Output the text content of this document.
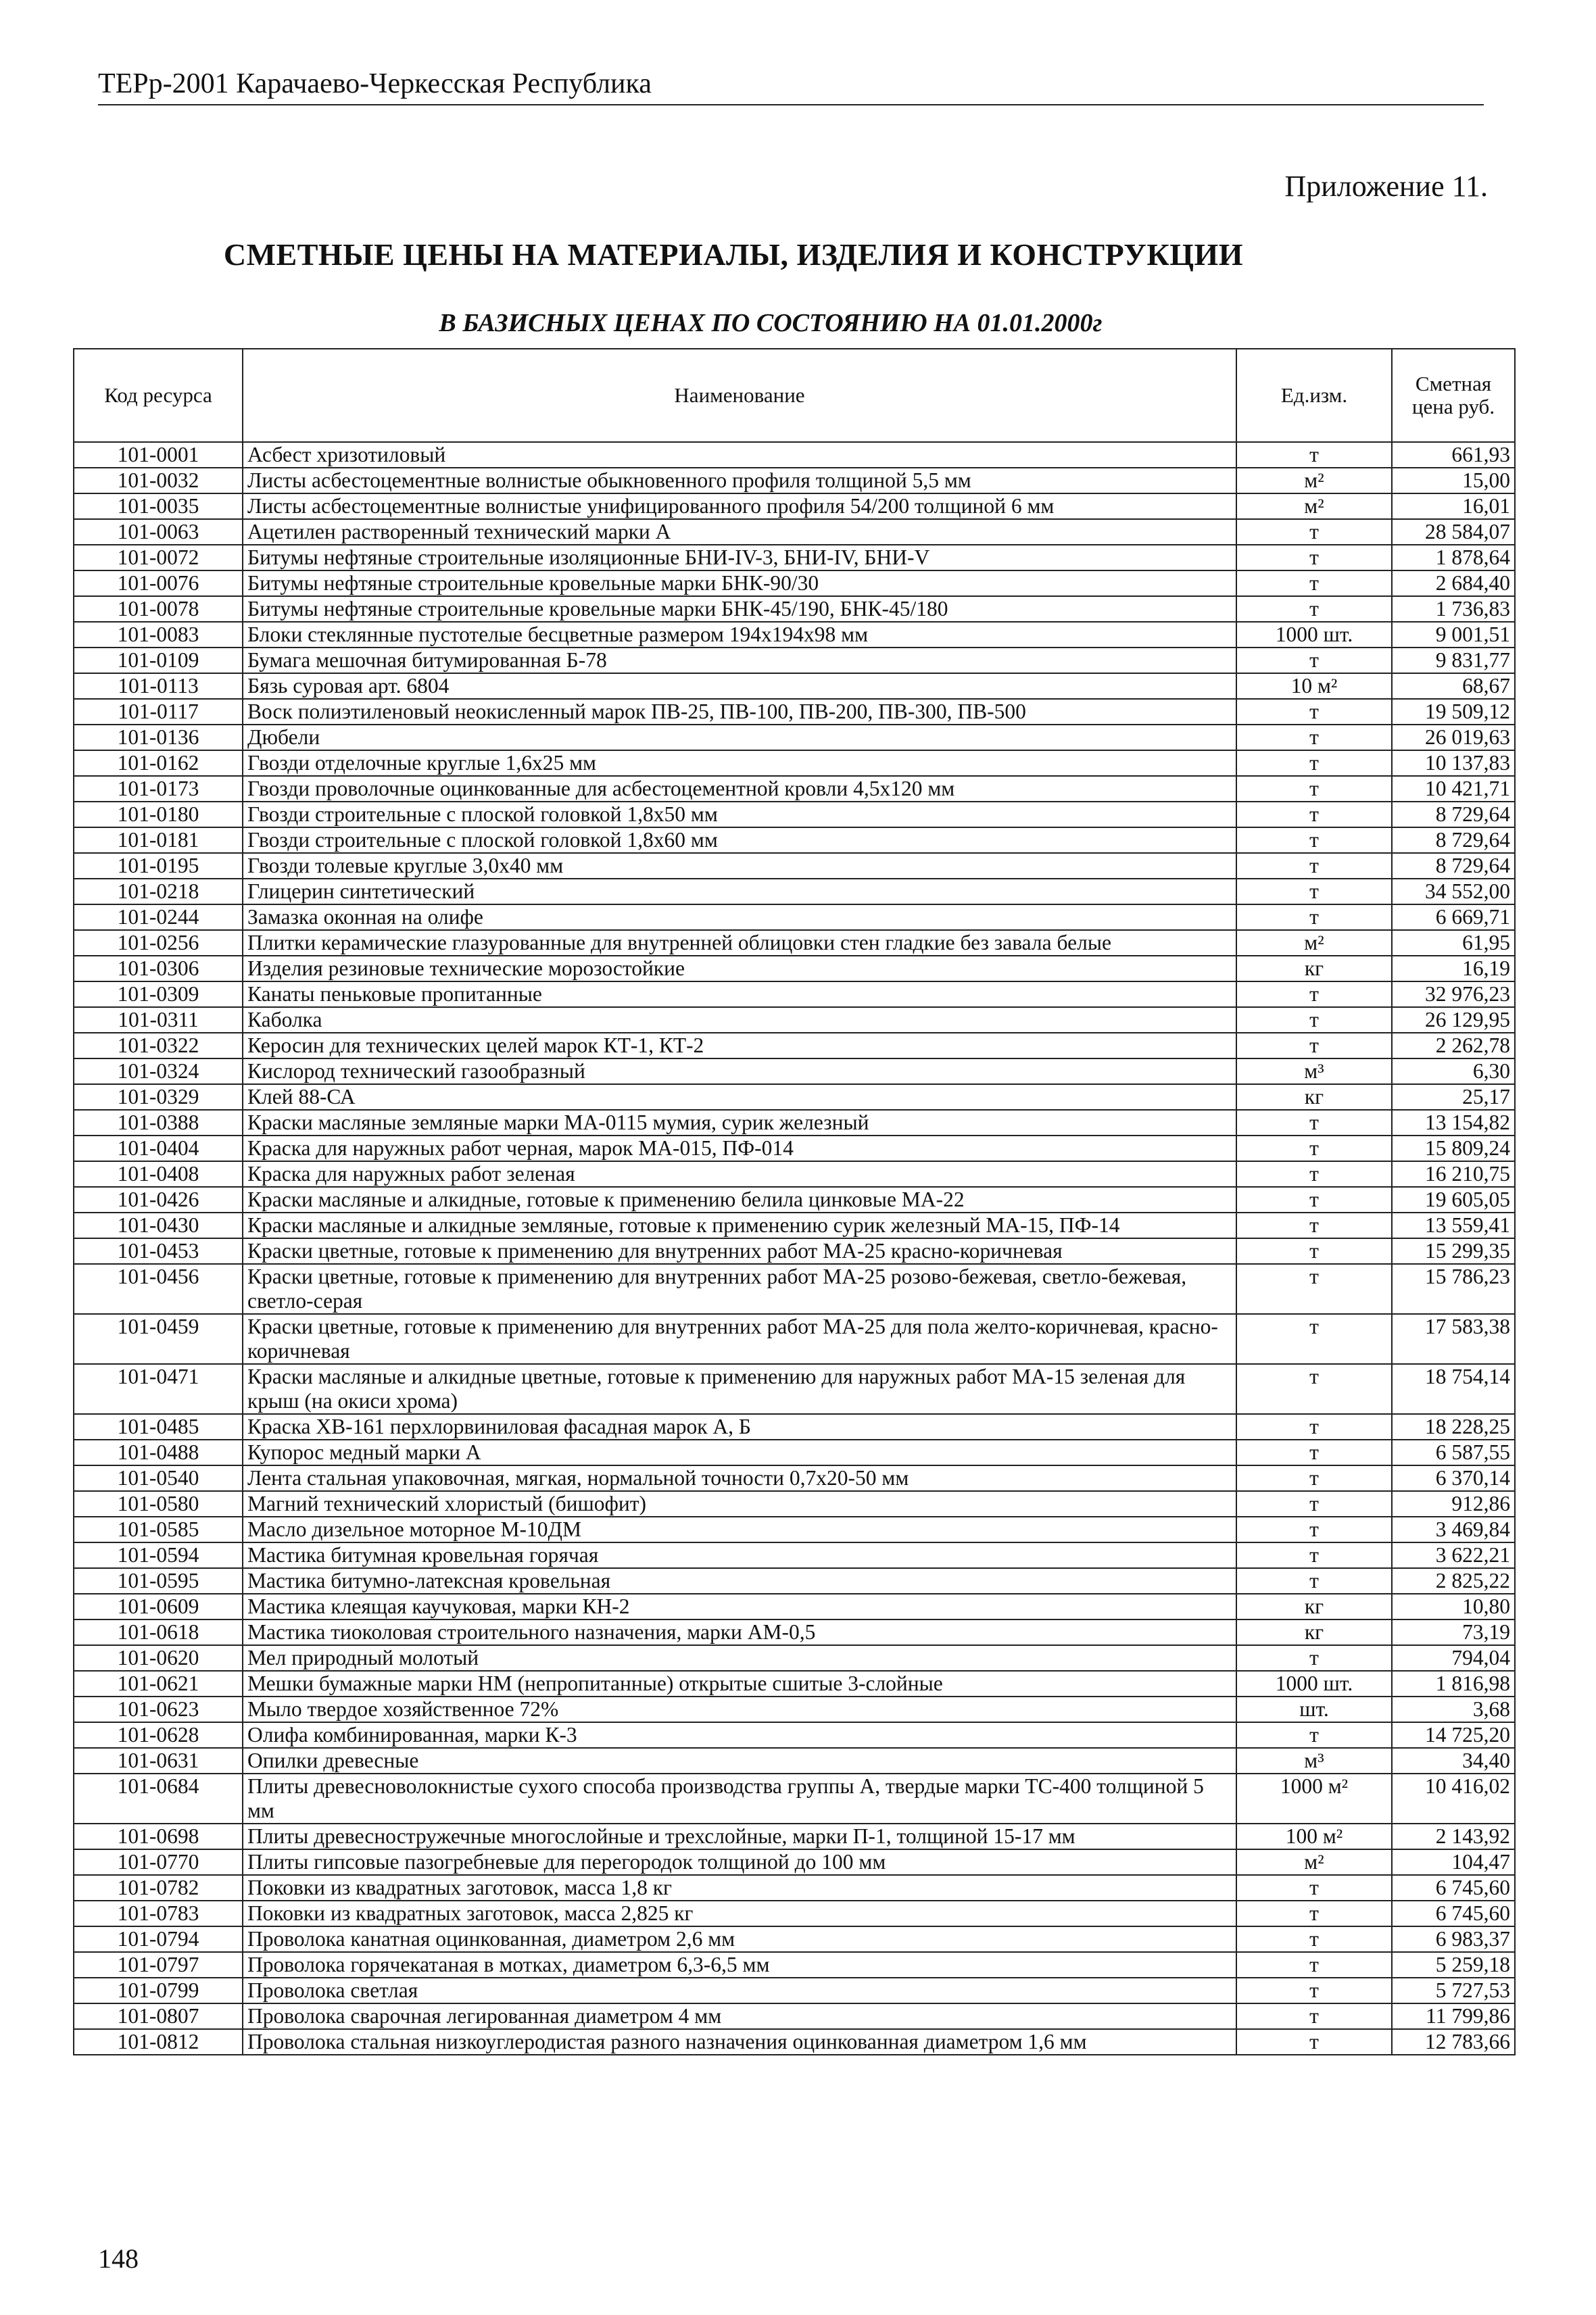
ТЕРр-2001 Карачаево-Черкесская Республика
Приложение 11.
СМЕТНЫЕ ЦЕНЫ НА МАТЕРИАЛЫ, ИЗДЕЛИЯ И КОНСТРУКЦИИ
В БАЗИСНЫХ ЦЕНАХ ПО СОСТОЯНИЮ НА 01.01.2000г
Код ресурса	Наименование	Ед.изм.	Сметная цена руб.
101-0001	Асбест хризотиловый	т	661,93
101-0032	Листы асбестоцементные волнистые обыкновенного профиля толщиной 5,5 мм	м²	15,00
101-0035	Листы асбестоцементные волнистые унифицированного профиля 54/200 толщиной 6 мм	м²	16,01
101-0063	Ацетилен растворенный технический марки А	т	28 584,07
101-0072	Битумы нефтяные строительные изоляционные БНИ-IV-3, БНИ-IV, БНИ-V	т	1 878,64
101-0076	Битумы нефтяные строительные кровельные марки БНК-90/30	т	2 684,40
101-0078	Битумы нефтяные строительные кровельные марки БНК-45/190, БНК-45/180	т	1 736,83
101-0083	Блоки стеклянные пустотелые бесцветные размером 194x194x98 мм	1000 шт.	9 001,51
101-0109	Бумага мешочная битумированная Б-78	т	9 831,77
101-0113	Бязь суровая арт. 6804	10 м²	68,67
101-0117	Воск полиэтиленовый неокисленный марок ПВ-25, ПВ-100, ПВ-200, ПВ-300, ПВ-500	т	19 509,12
101-0136	Дюбели	т	26 019,63
101-0162	Гвозди отделочные круглые 1,6x25 мм	т	10 137,83
101-0173	Гвозди проволочные оцинкованные для асбестоцементной кровли 4,5x120 мм	т	10 421,71
101-0180	Гвозди строительные с плоской головкой 1,8x50 мм	т	8 729,64
101-0181	Гвозди строительные с плоской головкой 1,8x60 мм	т	8 729,64
101-0195	Гвозди толевые круглые 3,0x40 мм	т	8 729,64
101-0218	Глицерин синтетический	т	34 552,00
101-0244	Замазка оконная на олифе	т	6 669,71
101-0256	Плитки керамические глазурованные для внутренней облицовки стен гладкие без завала белые	м²	61,95
101-0306	Изделия резиновые технические морозостойкие	кг	16,19
101-0309	Канаты пеньковые пропитанные	т	32 976,23
101-0311	Каболка	т	26 129,95
101-0322	Керосин для технических целей марок КТ-1, КТ-2	т	2 262,78
101-0324	Кислород технический газообразный	м³	6,30
101-0329	Клей 88-СА	кг	25,17
101-0388	Краски масляные земляные марки МА-0115 мумия, сурик железный	т	13 154,82
101-0404	Краска для наружных работ черная, марок МА-015, ПФ-014	т	15 809,24
101-0408	Краска для наружных работ зеленая	т	16 210,75
101-0426	Краски масляные и алкидные, готовые к применению белила цинковые МА-22	т	19 605,05
101-0430	Краски масляные и алкидные земляные, готовые к применению сурик железный МА-15, ПФ-14	т	13 559,41
101-0453	Краски цветные, готовые к применению для внутренних работ МА-25 красно-коричневая	т	15 299,35
101-0456	Краски цветные, готовые к применению для внутренних работ МА-25 розово-бежевая, светло-бежевая, светло-серая	т	15 786,23
101-0459	Краски цветные, готовые к применению для внутренних работ МА-25 для пола желто-коричневая, красно-коричневая	т	17 583,38
101-0471	Краски масляные и алкидные цветные, готовые к применению для наружных работ МА-15 зеленая для крыш (на окиси хрома)	т	18 754,14
101-0485	Краска ХВ-161 перхлорвиниловая фасадная марок А, Б	т	18 228,25
101-0488	Купорос медный марки А	т	6 587,55
101-0540	Лента стальная упаковочная, мягкая, нормальной точности 0,7x20-50 мм	т	6 370,14
101-0580	Магний технический хлористый (бишофит)	т	912,86
101-0585	Масло дизельное моторное М-10ДМ	т	3 469,84
101-0594	Мастика битумная кровельная горячая	т	3 622,21
101-0595	Мастика битумно-латексная кровельная	т	2 825,22
101-0609	Мастика клеящая каучуковая, марки КН-2	кг	10,80
101-0618	Мастика тиоколовая строительного назначения, марки АМ-0,5	кг	73,19
101-0620	Мел природный молотый	т	794,04
101-0621	Мешки бумажные марки НМ (непропитанные) открытые сшитые 3-слойные	1000 шт.	1 816,98
101-0623	Мыло твердое хозяйственное 72%	шт.	3,68
101-0628	Олифа комбинированная, марки К-3	т	14 725,20
101-0631	Опилки древесные	м³	34,40
101-0684	Плиты древесноволокнистые сухого способа производства группы А, твердые марки ТС-400 толщиной 5 мм	1000 м²	10 416,02
101-0698	Плиты древесностружечные многослойные и трехслойные, марки П-1, толщиной 15-17 мм	100 м²	2 143,92
101-0770	Плиты гипсовые пазогребневые для перегородок толщиной до 100 мм	м²	104,47
101-0782	Поковки из квадратных заготовок, масса 1,8 кг	т	6 745,60
101-0783	Поковки из квадратных заготовок, масса 2,825 кг	т	6 745,60
101-0794	Проволока канатная оцинкованная, диаметром 2,6 мм	т	6 983,37
101-0797	Проволока горячекатаная в мотках, диаметром 6,3-6,5 мм	т	5 259,18
101-0799	Проволока светлая	т	5 727,53
101-0807	Проволока сварочная легированная диаметром 4 мм	т	11 799,86
101-0812	Проволока стальная низкоуглеродистая разного назначения оцинкованная диаметром 1,6 мм	т	12 783,66
148
